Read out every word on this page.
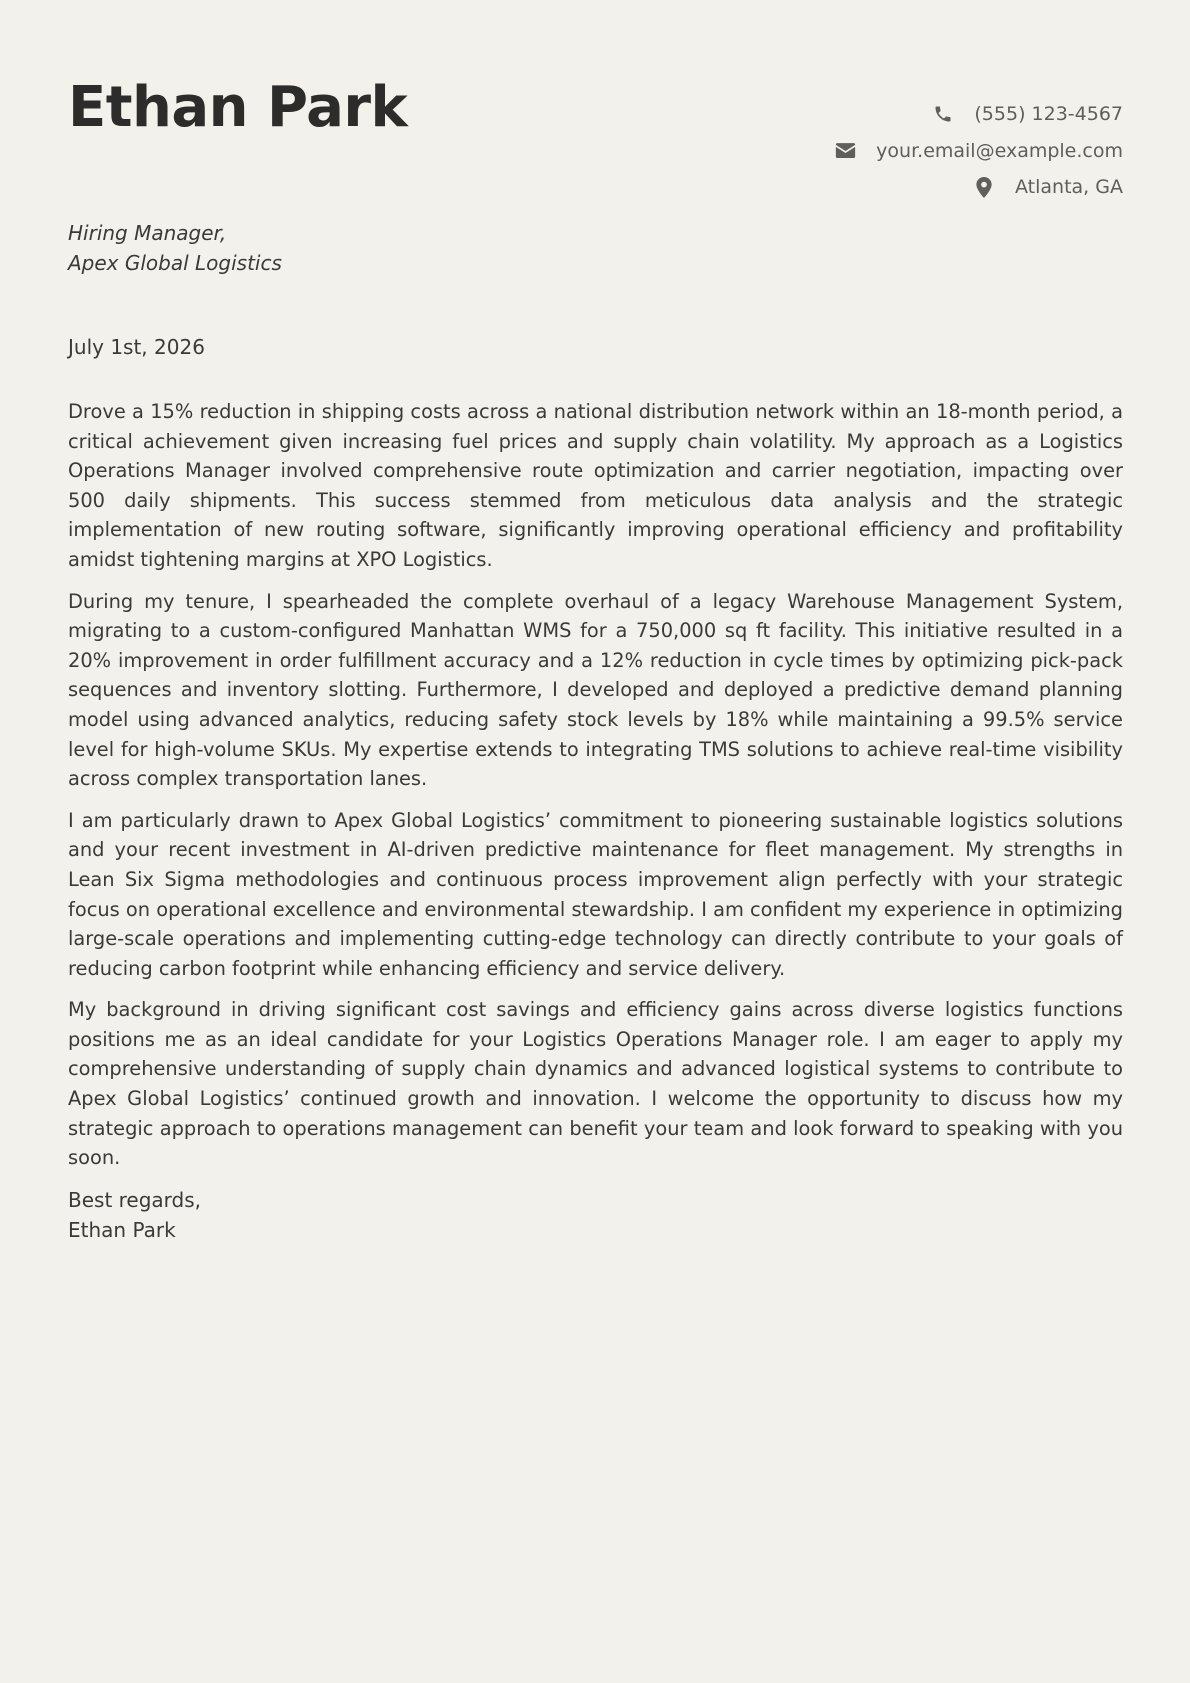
Ethan Park	(555) 123-4567
your.email@example.com
Atlanta, GA
Hiring Manager,
Apex Global Logistics
July 1st, 2026

Drove a 15% reduction in shipping costs across a national distribution network within an 18-month period, a critical achievement given increasing fuel prices and supply chain volatility. My approach as a Logistics Operations Manager involved comprehensive route optimization and carrier negotiation, impacting over 500 daily shipments. This success stemmed from meticulous data analysis and the strategic implementation of new routing software, significantly improving operational efficiency and profitability amidst tightening margins at XPO Logistics.

During my tenure, I spearheaded the complete overhaul of a legacy Warehouse Management System, migrating to a custom-configured Manhattan WMS for a 750,000 sq ft facility. This initiative resulted in a 20% improvement in order fulfillment accuracy and a 12% reduction in cycle times by optimizing pick-pack sequences and inventory slotting. Furthermore, I developed and deployed a predictive demand planning model using advanced analytics, reducing safety stock levels by 18% while maintaining a 99.5% service level for high-volume SKUs. My expertise extends to integrating TMS solutions to achieve real-time visibility across complex transportation lanes.

I am particularly drawn to Apex Global Logistics’ commitment to pioneering sustainable logistics solutions and your recent investment in AI-driven predictive maintenance for fleet management. My strengths in Lean Six Sigma methodologies and continuous process improvement align perfectly with your strategic focus on operational excellence and environmental stewardship. I am confident my experience in optimizing large-scale operations and implementing cutting-edge technology can directly contribute to your goals of reducing carbon footprint while enhancing efficiency and service delivery.

My background in driving significant cost savings and efficiency gains across diverse logistics functions positions me as an ideal candidate for your Logistics Operations Manager role. I am eager to apply my comprehensive understanding of supply chain dynamics and advanced logistical systems to contribute to Apex Global Logistics’ continued growth and innovation. I welcome the opportunity to discuss how my strategic approach to operations management can benefit your team and look forward to speaking with you soon.

Best regards,
Ethan Park
